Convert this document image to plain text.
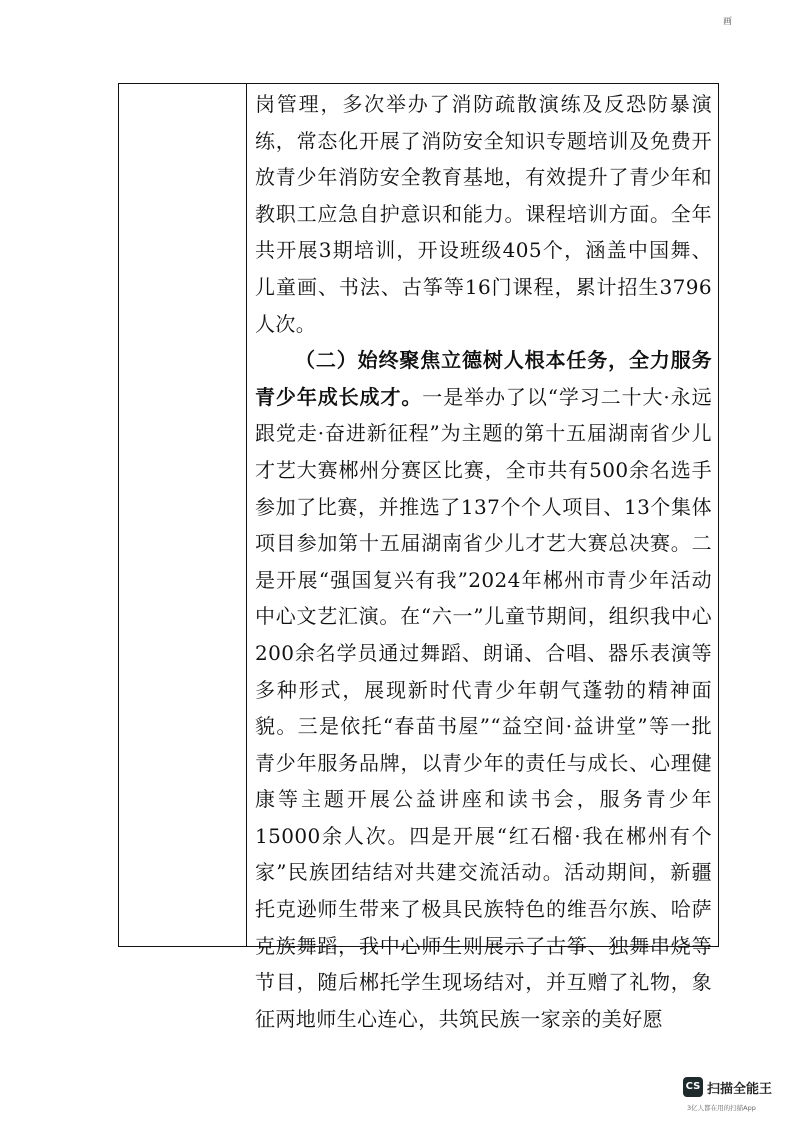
画

岗管理，多次举办了消防疏散演练及反恐防暴演练，常态化开展了消防安全知识专题培训及免费开放青少年消防安全教育基地，有效提升了青少年和教职工应急自护意识和能力。课程培训方面。全年共开展3期培训，开设班级405个，涵盖中国舞、儿童画、书法、古筝等16门课程，累计招生3796人次。

（二）始终聚焦立德树人根本任务，全力服务青少年成长成才。一是举办了以“学习二十大·永远跟党走·奋进新征程”为主题的第十五届湖南省少儿才艺大赛郴州分赛区比赛，全市共有500余名选手参加了比赛，并推选了137个个人项目、13个集体项目参加第十五届湖南省少儿才艺大赛总决赛。二是开展“强国复兴有我”2024年郴州市青少年活动中心文艺汇演。在“六一”儿童节期间，组织我中心200余名学员通过舞蹈、朗诵、合唱、器乐表演等多种形式，展现新时代青少年朝气蓬勃的精神面貌。三是依托“春苗书屋”“益空间·益讲堂”等一批青少年服务品牌，以青少年的责任与成长、心理健康等主题开展公益讲座和读书会，服务青少年15000余人次。四是开展“红石榴·我在郴州有个家”民族团结结对共建交流活动。活动期间，新疆托克逊师生带来了极具民族特色的维吾尔族、哈萨克族舞蹈，我中心师生则展示了古筝、独舞串烧等节目，随后郴托学生现场结对，并互赠了礼物，象征两地师生心连心，共筑民族一家亲的美好愿

CS 扫描全能王
3亿人都在用的扫描App
